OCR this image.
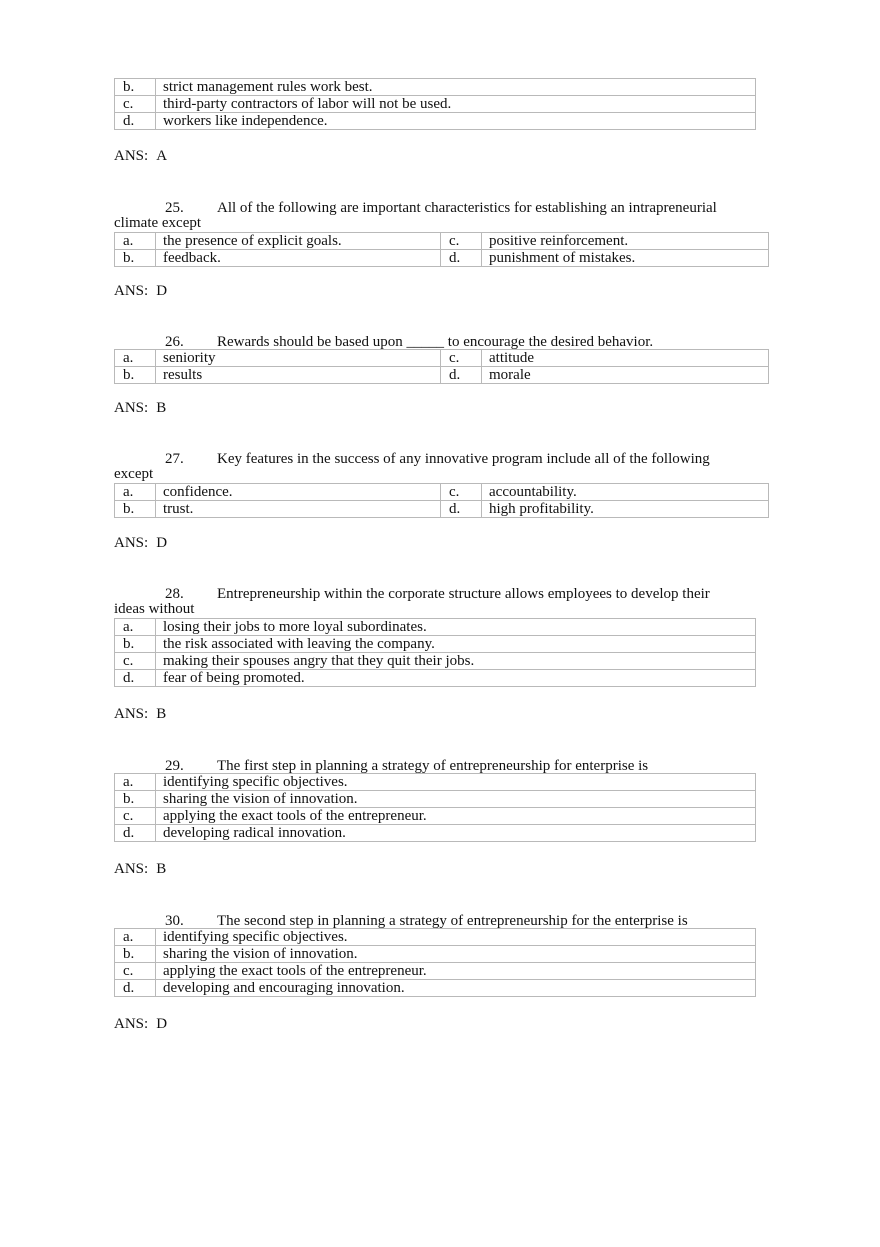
b.	strict management rules work best.
c.	third-party contractors of labor will not be used.
d.	workers like independence.
ANS: A
25. All of the following are important characteristics for establishing an intrapreneurial
climate except
a.	the presence of explicit goals.	c.	positive reinforcement.
b.	feedback.	d.	punishment of mistakes.
ANS: D
26. Rewards should be based upon _____ to encourage the desired behavior.
a.	seniority	c.	attitude
b.	results	d.	morale
ANS: B
27. Key features in the success of any innovative program include all of the following
except
a.	confidence.	c.	accountability.
b.	trust.	d.	high profitability.
ANS: D
28. Entrepreneurship within the corporate structure allows employees to develop their
ideas without
a.	losing their jobs to more loyal subordinates.
b.	the risk associated with leaving the company.
c.	making their spouses angry that they quit their jobs.
d.	fear of being promoted.
ANS: B
29. The first step in planning a strategy of entrepreneurship for enterprise is
a.	identifying specific objectives.
b.	sharing the vision of innovation.
c.	applying the exact tools of the entrepreneur.
d.	developing radical innovation.
ANS: B
30. The second step in planning a strategy of entrepreneurship for the enterprise is
a.	identifying specific objectives.
b.	sharing the vision of innovation.
c.	applying the exact tools of the entrepreneur.
d.	developing and encouraging innovation.
ANS: D
